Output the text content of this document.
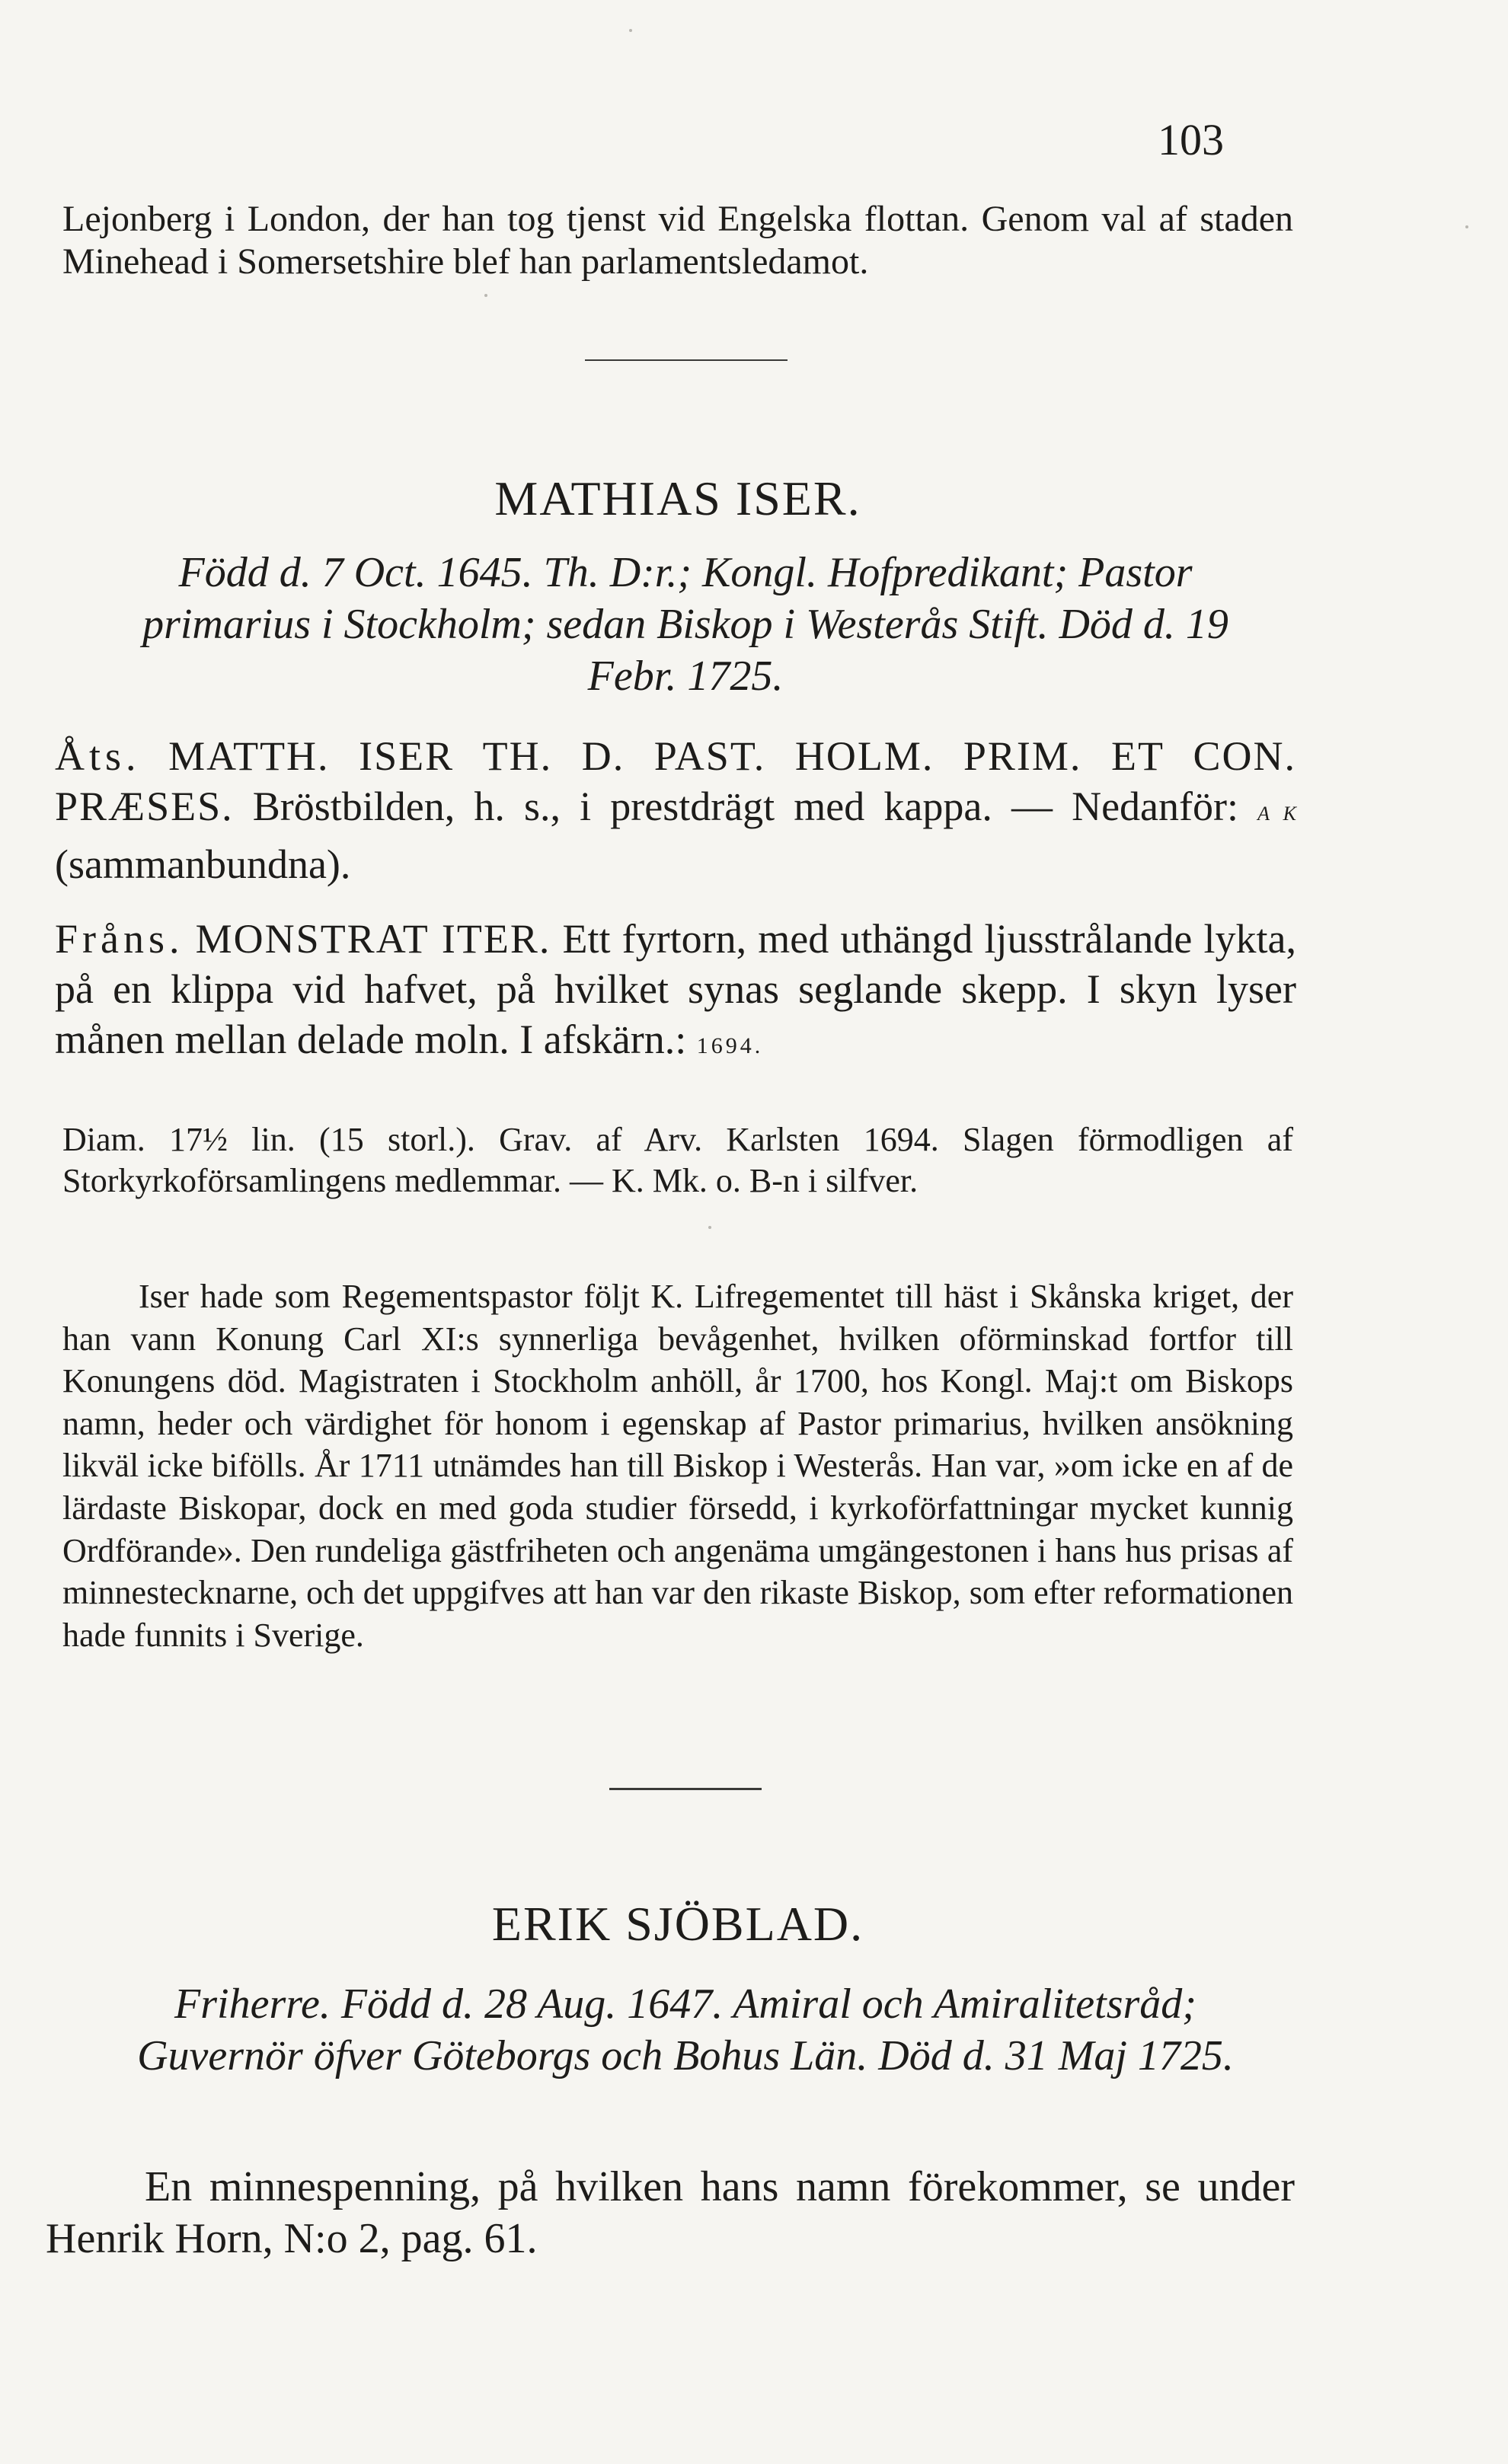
103

Lejonberg i London, der han tog tjenst vid Engelska flottan. Genom val af staden Minehead i Somersetshire blef han parlamentsledamot.

MATHIAS ISER.
Född d. 7 Oct. 1645. Th. D:r.; Kongl. Hofpredikant; Pastor primarius i Stockholm; sedan Biskop i Westerås Stift. Död d. 19 Febr. 1725.

Åts. MATTH. ISER TH. D. PAST. HOLM. PRIM. ET CON. PRÆSES. Bröstbilden, h. s., i prestdrägt med kappa. — Nedanför: A K (sammanbundna).

Fråns. MONSTRAT ITER. Ett fyrtorn, med uthängd ljusstrålande lykta, på en klippa vid hafvet, på hvilket synas seglande skepp. I skyn lyser månen mellan delade moln. I afskärn.: 1694.

Diam. 17½ lin. (15 storl.). Grav. af Arv. Karlsten 1694. Slagen förmodligen af Storkyrkoförsamlingens medlemmar. — K. Mk. o. B-n i silfver.

Iser hade som Regementspastor följt K. Lifregementet till häst i Skånska kriget, der han vann Konung Carl XI:s synnerliga bevågenhet, hvilken oförminskad fortfor till Konungens död. Magistraten i Stockholm anhöll, år 1700, hos Kongl. Maj:t om Biskops namn, heder och värdighet för honom i egenskap af Pastor primarius, hvilken ansökning likväl icke bifölls. År 1711 utnämdes han till Biskop i Westerås. Han var, »om icke en af de lärdaste Biskopar, dock en med goda studier försedd, i kyrkoförfattningar mycket kunnig Ordförande». Den rundeliga gästfriheten och angenäma umgängestonen i hans hus prisas af minnestecknarne, och det uppgifves att han var den rikaste Biskop, som efter reformationen hade funnits i Sverige.

ERIK SJÖBLAD.
Friherre. Född d. 28 Aug. 1647. Amiral och Amiralitetsråd; Guvernör öfver Göteborgs och Bohus Län. Död d. 31 Maj 1725.

En minnespenning, på hvilken hans namn förekommer, se under Henrik Horn, N:o 2, pag. 61.
